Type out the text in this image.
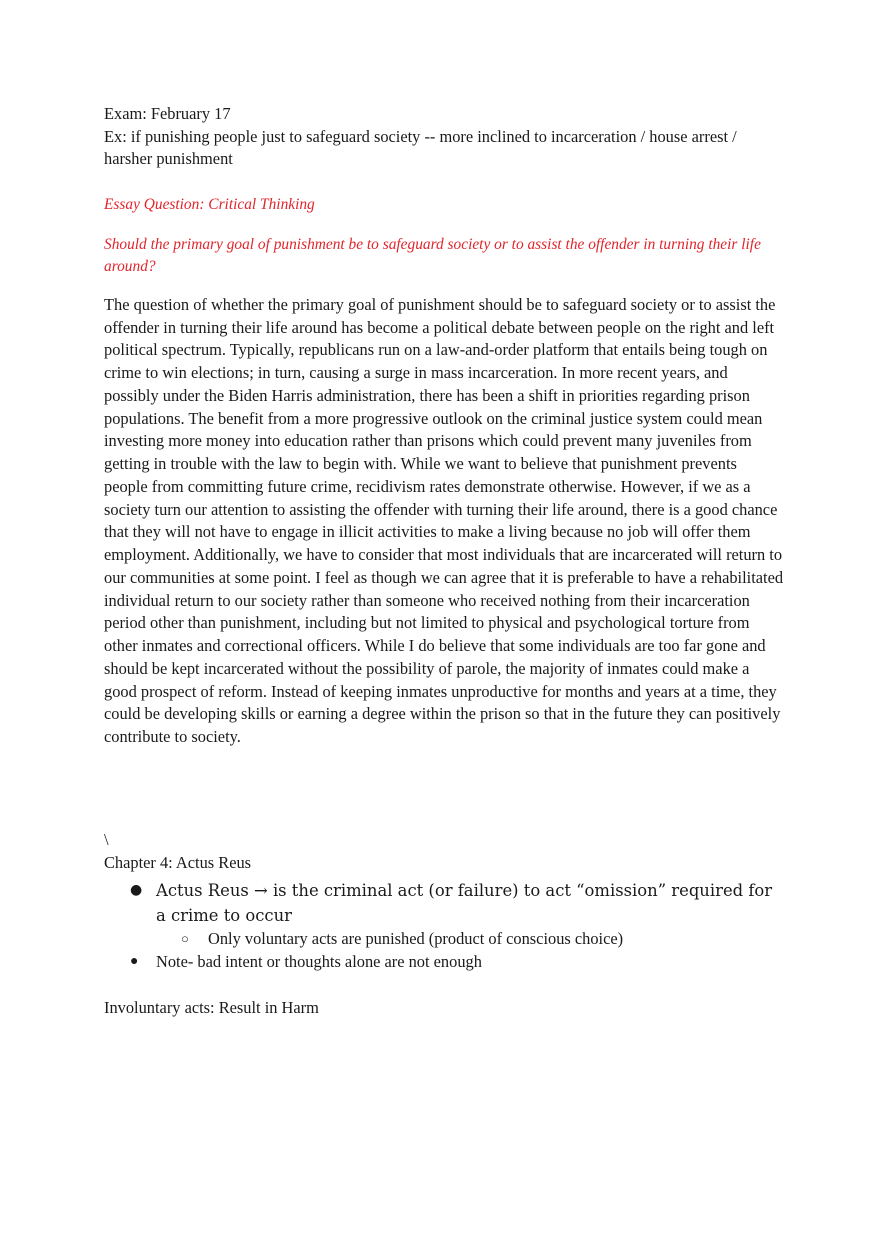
Exam: February 17

Ex: if punishing people just to safeguard society -- more inclined to incarceration / house arrest / harsher punishment

Essay Question: Critical Thinking

Should the primary goal of punishment be to safeguard society or to assist the offender in turning their life around?

The question of whether the primary goal of punishment should be to safeguard society or to assist the offender in turning their life around has become a political debate between people on the right and left political spectrum. Typically, republicans run on a law-and-order platform that entails being tough on crime to win elections; in turn, causing a surge in mass incarceration. In more recent years, and possibly under the Biden Harris administration, there has been a shift in priorities regarding prison populations. The benefit from a more progressive outlook on the criminal justice system could mean investing more money into education rather than prisons which could prevent many juveniles from getting in trouble with the law to begin with. While we want to believe that punishment prevents people from committing future crime, recidivism rates demonstrate otherwise. However, if we as a society turn our attention to assisting the offender with turning their life around, there is a good chance that they will not have to engage in illicit activities to make a living because no job will offer them employment. Additionally, we have to consider that most individuals that are incarcerated will return to our communities at some point. I feel as though we can agree that it is preferable to have a rehabilitated individual return to our society rather than someone who received nothing from their incarceration period other than punishment, including but not limited to physical and psychological torture from other inmates and correctional officers. While I do believe that some individuals are too far gone and should be kept incarcerated without the possibility of parole, the majority of inmates could make a good prospect of reform. Instead of keeping inmates unproductive for months and years at a time, they could be developing skills or earning a degree within the prison so that in the future they can positively contribute to society.

\

Chapter 4: Actus Reus

● Actus Reus → is the criminal act (or failure) to act “omission” required for a crime to occur
○ Only voluntary acts are punished (product of conscious choice)
● Note- bad intent or thoughts alone are not enough

Involuntary acts: Result in Harm
